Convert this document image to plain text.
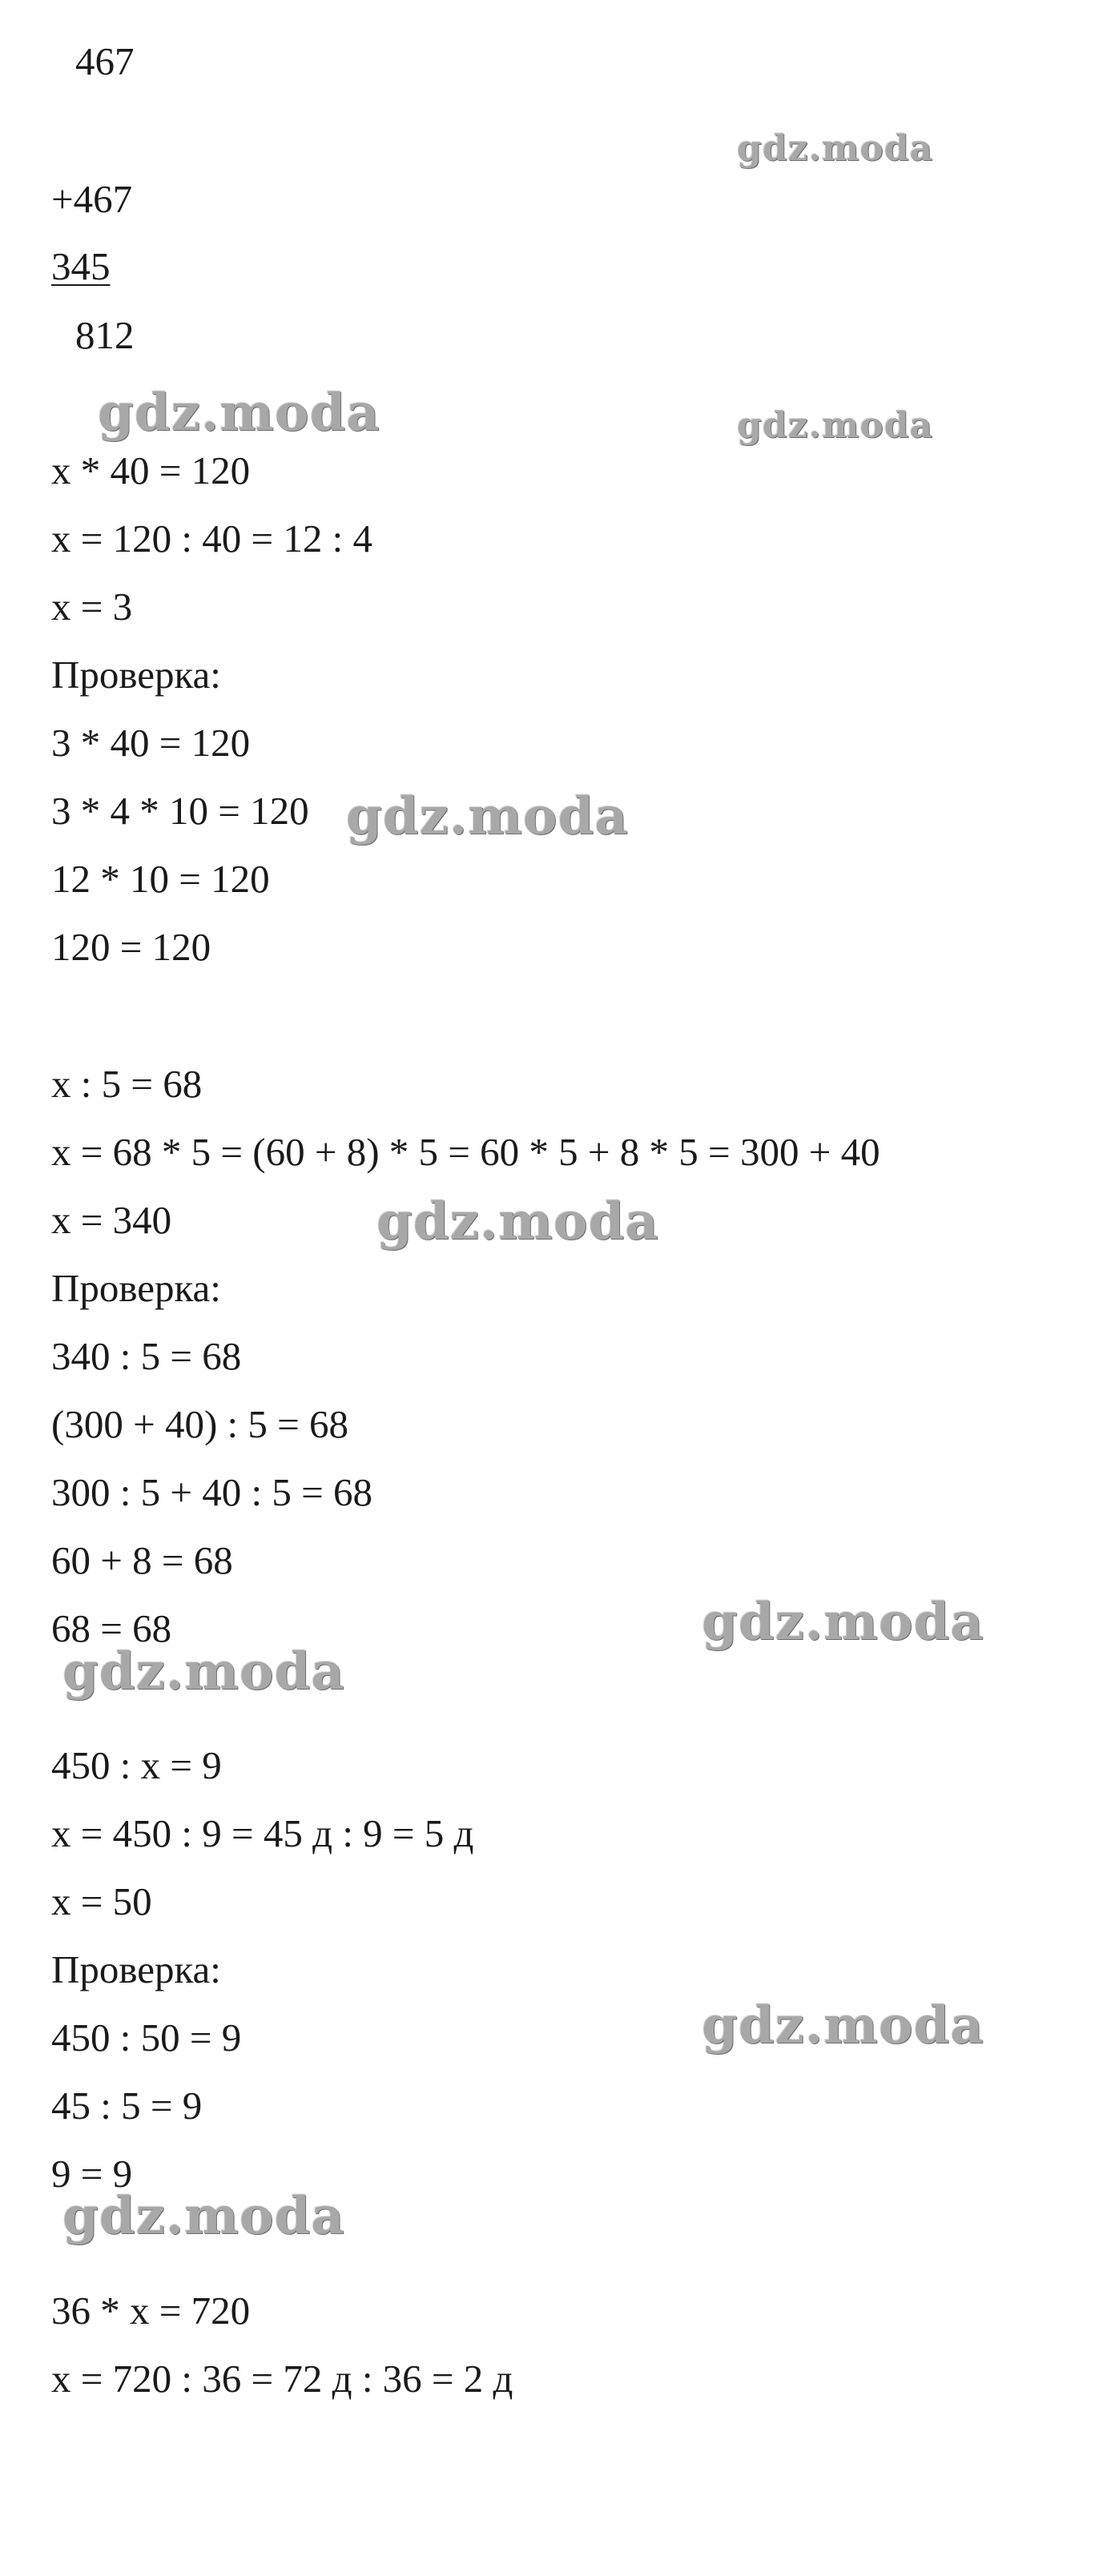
467
+467
345
812
x * 40 = 120
x = 120 : 40 = 12 : 4
x = 3
Проверка:
3 * 40 = 120
3 * 4 * 10 = 120
12 * 10 = 120
120 = 120
x : 5 = 68
x = 68 * 5 = (60 + 8) * 5 = 60 * 5 + 8 * 5 = 300 + 40
x = 340
Проверка:
340 : 5 = 68
(300 + 40) : 5 = 68
300 : 5 + 40 : 5 = 68
60 + 8 = 68
68 = 68
450 : x = 9
x = 450 : 9 = 45 д : 9 = 5 д
x = 50
Проверка:
450 : 50 = 9
45 : 5 = 9
9 = 9
36 * x = 720
x = 720 : 36 = 72 д : 36 = 2 д
gdz.moda
gdz.moda	gdz.moda
gdz.moda
gdz.moda
gdz.moda
gdz.moda
gdz.moda
gdz.moda
